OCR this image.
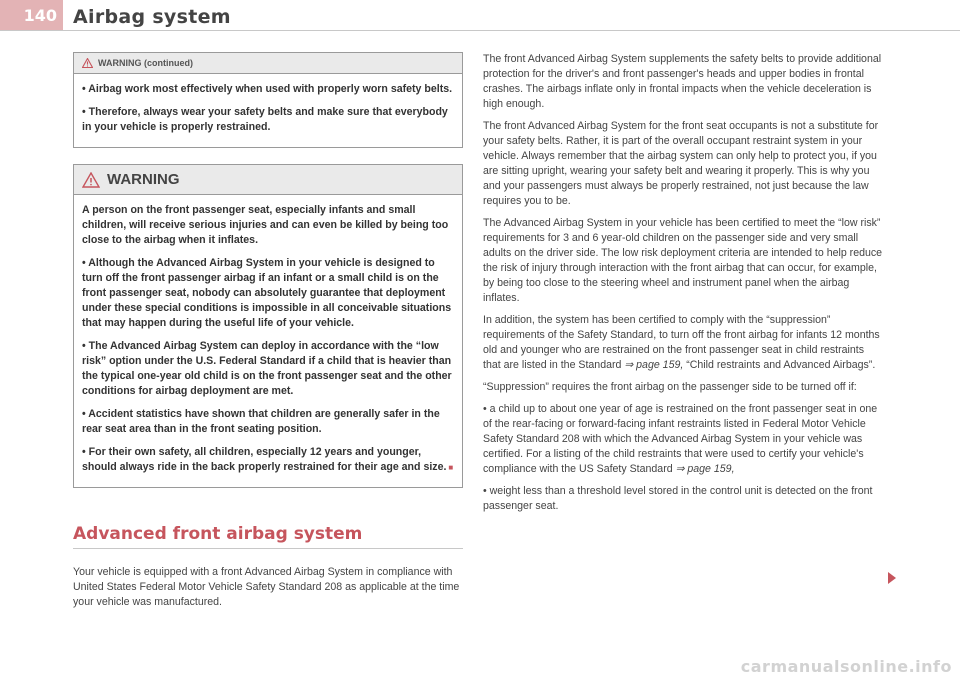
140 Airbag system
WARNING (continued)

• Airbag work most effectively when used with properly worn safety belts.

• Therefore, always wear your safety belts and make sure that everybody in your vehicle is properly restrained.

WARNING

A person on the front passenger seat, especially infants and small children, will receive serious injuries and can even be killed by being too close to the airbag when it inflates.

• Although the Advanced Airbag System in your vehicle is designed to turn off the front passenger airbag if an infant or a small child is on the front passenger seat, nobody can absolutely guarantee that deployment under these special conditions is impossible in all conceivable situations that may happen during the useful life of your vehicle.

• The Advanced Airbag System can deploy in accordance with the “low risk” option under the U.S. Federal Standard if a child that is heavier than the typical one-year old child is on the front passenger seat and the other conditions for airbag deployment are met.

• Accident statistics have shown that children are generally safer in the rear seat area than in the front seating position.

• For their own safety, all children, especially 12 years and younger, should always ride in the back properly restrained for their age and size. ■

Advanced front airbag system
Your vehicle is equipped with a front Advanced Airbag System in compliance with United States Federal Motor Vehicle Safety Standard 208 as applicable at the time your vehicle was manufactured.

The front Advanced Airbag System supplements the safety belts to provide additional protection for the driver's and front passenger's heads and upper bodies in frontal crashes. The airbags inflate only in frontal impacts when the vehicle deceleration is high enough.

The front Advanced Airbag System for the front seat occupants is not a substitute for your safety belts. Rather, it is part of the overall occupant restraint system in your vehicle. Always remember that the airbag system can only help to protect you, if you are sitting upright, wearing your safety belt and wearing it properly. This is why you and your passengers must always be properly restrained, not just because the law requires you to be.

The Advanced Airbag System in your vehicle has been certified to meet the “low risk” requirements for 3 and 6 year-old children on the passenger side and very small adults on the driver side. The low risk deployment criteria are intended to help reduce the risk of injury through interaction with the front airbag that can occur, for example, by being too close to the steering wheel and instrument panel when the airbag inflates.

In addition, the system has been certified to comply with the “suppression” requirements of the Safety Standard, to turn off the front airbag for infants 12 months old and younger who are restrained on the front passenger seat in child restraints that are listed in the Standard ⇒ page 159, “Child restraints and Advanced Airbags”.

“Suppression” requires the front airbag on the passenger side to be turned off if:

• a child up to about one year of age is restrained on the front passenger seat in one of the rear-facing or forward-facing infant restraints listed in Federal Motor Vehicle Safety Standard 208 with which the Advanced Airbag System in your vehicle was certified. For a listing of the child restraints that were used to certify your vehicle's compliance with the US Safety Standard ⇒ page 159,

• weight less than a threshold level stored in the control unit is detected on the front passenger seat.

carmanualsonline.info
